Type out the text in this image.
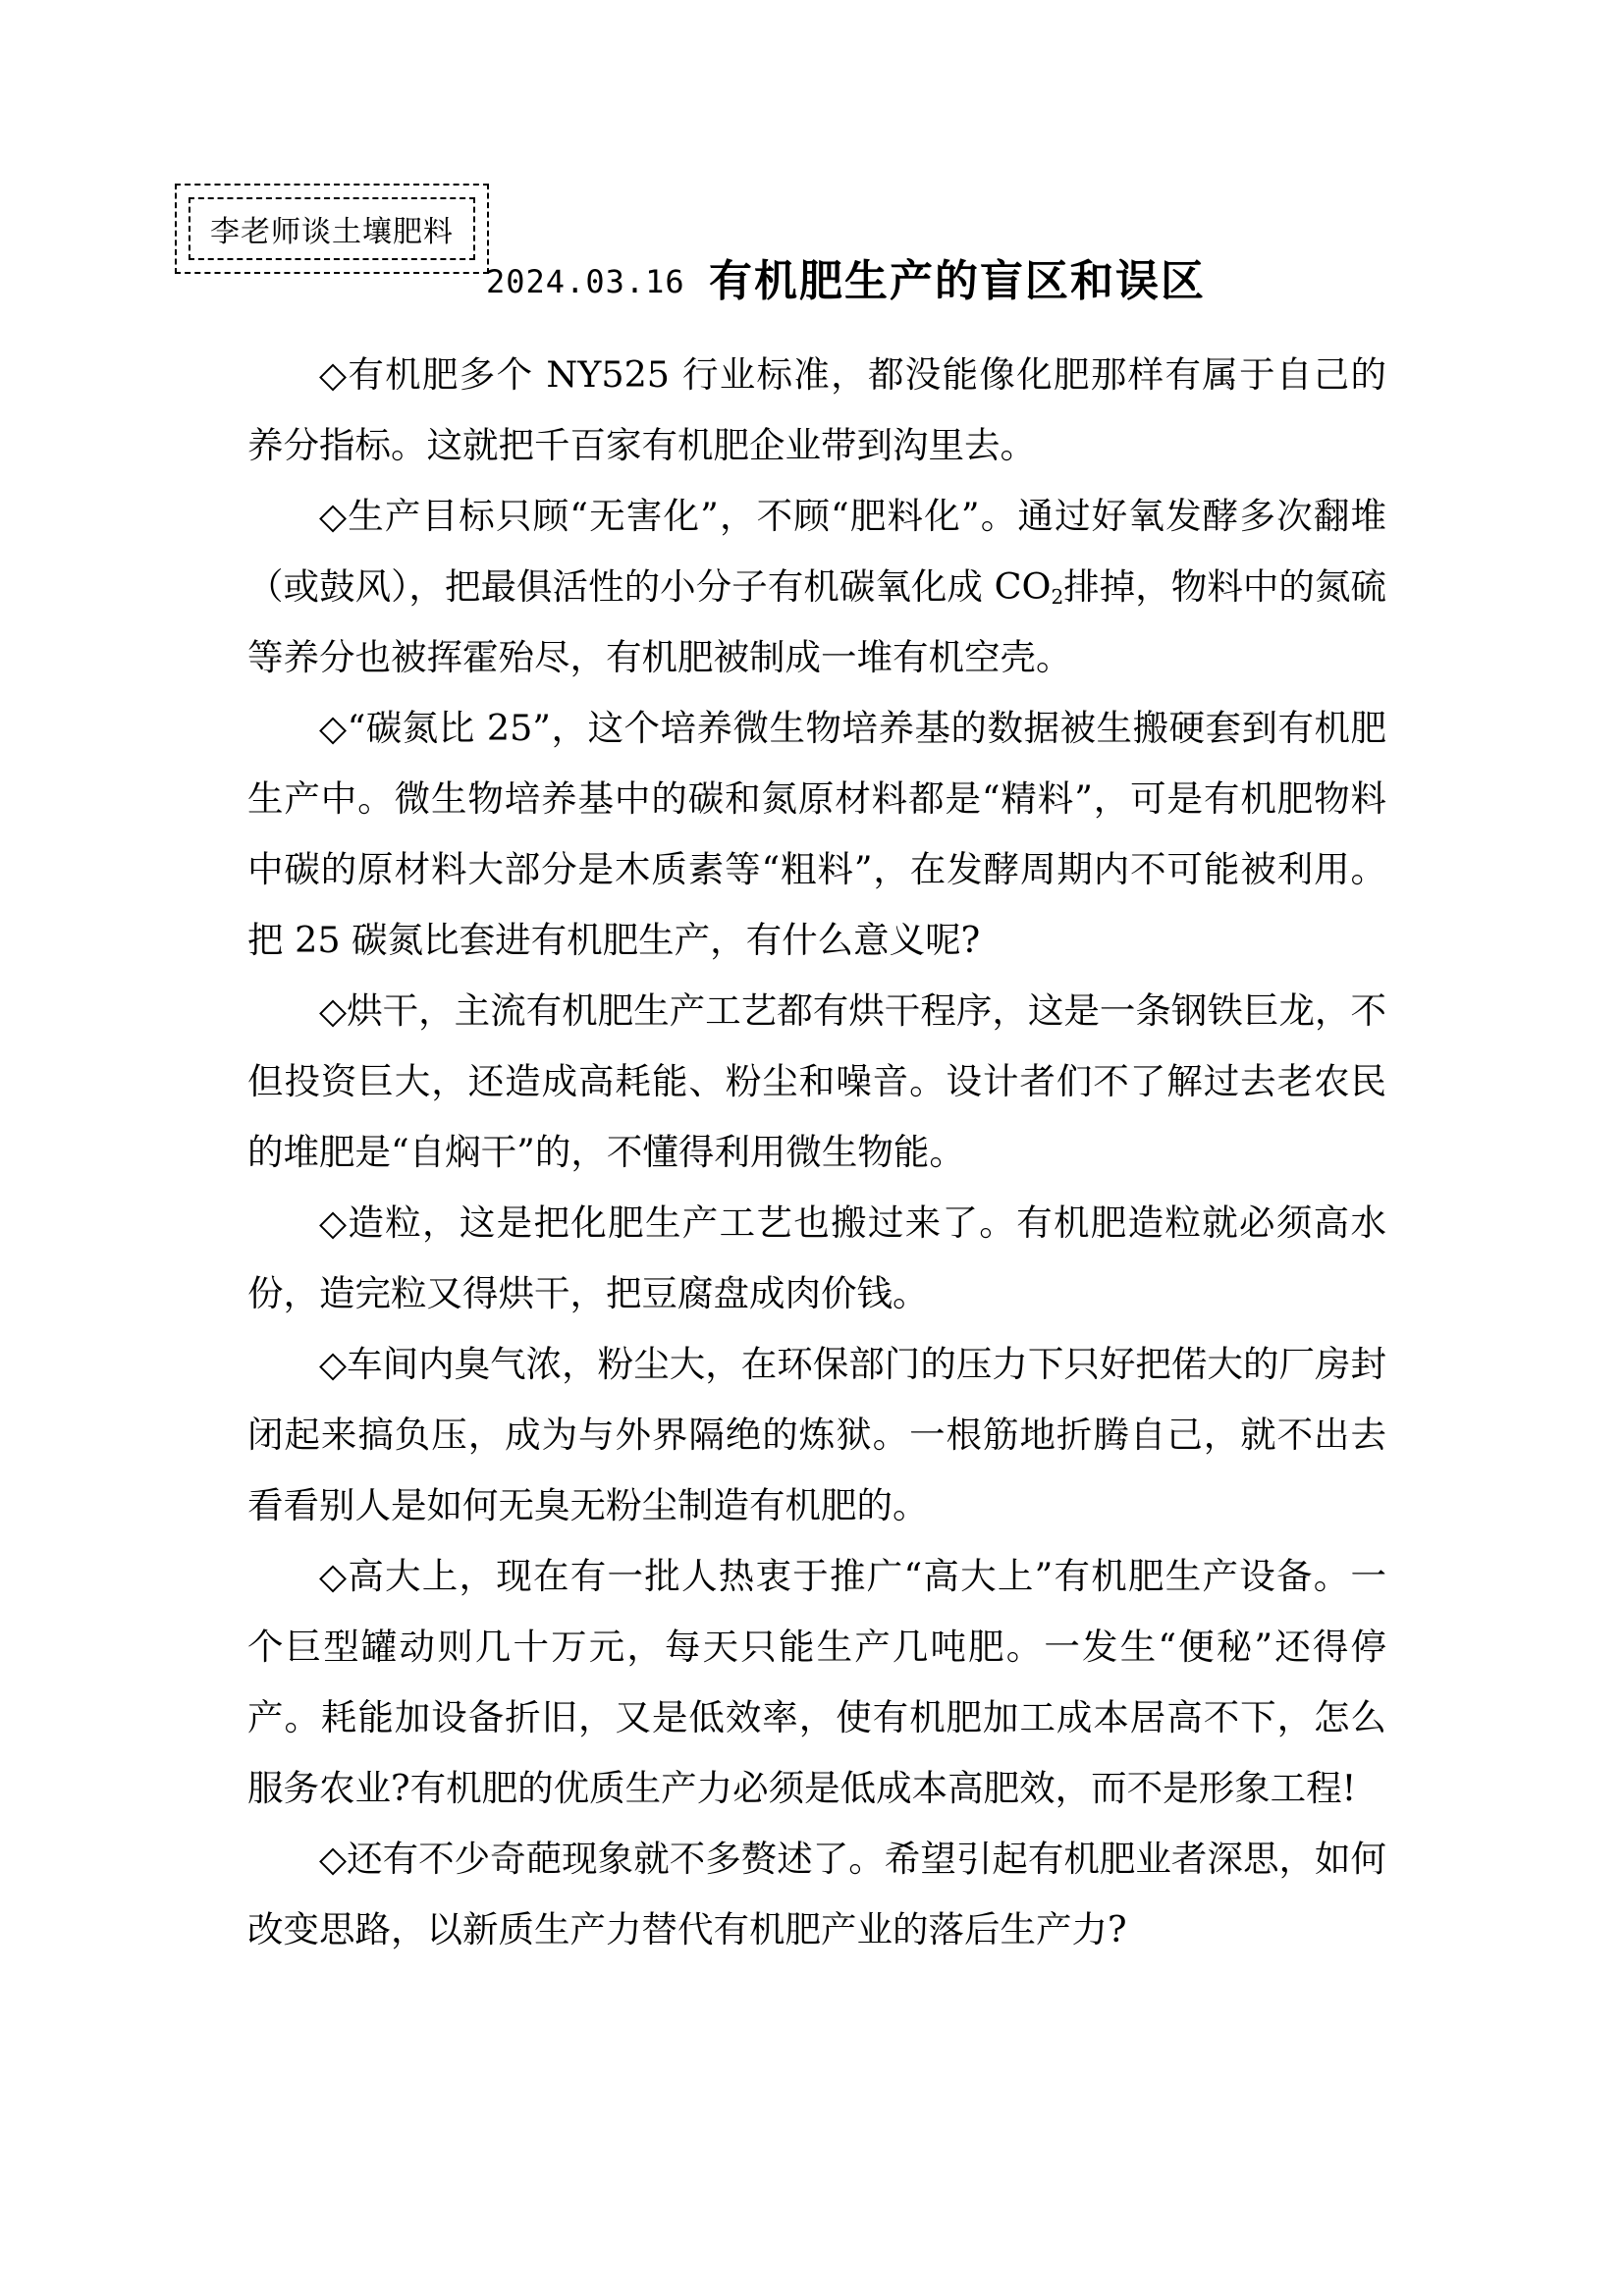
李老师谈土壤肥料
2024.03.16 有机肥生产的盲区和误区

◇有机肥多个 NY525 行业标准，都没能像化肥那样有属于自己的养分指标。这就把千百家有机肥企业带到沟里去。

◇生产目标只顾“无害化”，不顾“肥料化”。通过好氧发酵多次翻堆（或鼓风），把最俱活性的小分子有机碳氧化成 $CO_2$排掉，物料中的氮硫等养分也被挥霍殆尽，有机肥被制成一堆有机空壳。

◇“碳氮比 25”，这个培养微生物培养基的数据被生搬硬套到有机肥生产中。微生物培养基中的碳和氮原材料都是“精料”，可是有机肥物料中碳的原材料大部分是木质素等“粗料”，在发酵周期内不可能被利用。把 25 碳氮比套进有机肥生产，有什么意义呢?

◇烘干，主流有机肥生产工艺都有烘干程序，这是一条钢铁巨龙，不但投资巨大，还造成高耗能、粉尘和噪音。设计者们不了解过去老农民的堆肥是“自焖干”的，不懂得利用微生物能。

◇造粒，这是把化肥生产工艺也搬过来了。有机肥造粒就必须高水份，造完粒又得烘干，把豆腐盘成肉价钱。

◇车间内臭气浓，粉尘大，在环保部门的压力下只好把偌大的厂房封闭起来搞负压，成为与外界隔绝的炼狱。一根筋地折腾自己，就不出去看看别人是如何无臭无粉尘制造有机肥的。

◇高大上，现在有一批人热衷于推广“高大上”有机肥生产设备。一个巨型罐动则几十万元，每天只能生产几吨肥。一发生“便秘”还得停产。耗能加设备折旧，又是低效率，使有机肥加工成本居高不下，怎么服务农业?有机肥的优质生产力必须是低成本高肥效，而不是形象工程!

◇还有不少奇葩现象就不多赘述了。希望引起有机肥业者深思，如何改变思路，以新质生产力替代有机肥产业的落后生产力?
